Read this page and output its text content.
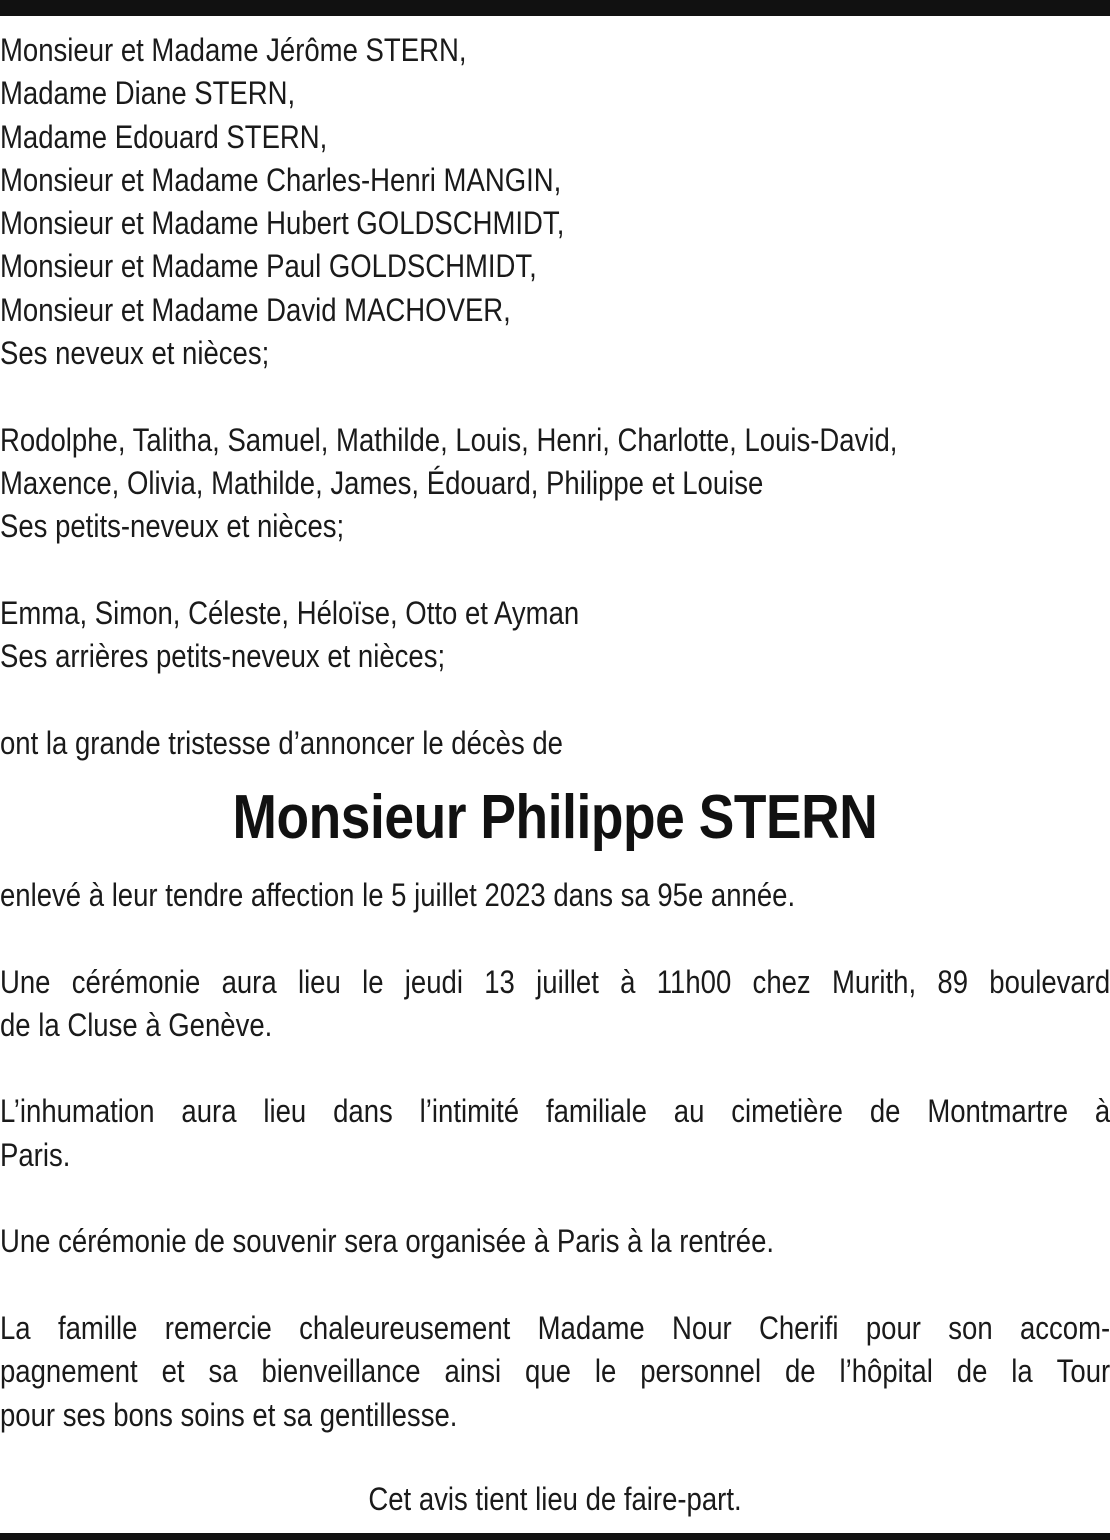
Monsieur et Madame Jérôme STERN,
Madame Diane STERN,
Madame Edouard STERN,
Monsieur et Madame Charles-Henri MANGIN,
Monsieur et Madame Hubert GOLDSCHMIDT,
Monsieur et Madame Paul GOLDSCHMIDT,
Monsieur et Madame David MACHOVER,
Ses neveux et nièces;
Rodolphe, Talitha, Samuel, Mathilde, Louis, Henri, Charlotte, Louis-David,
Maxence, Olivia, Mathilde, James, Édouard, Philippe et Louise
Ses petits-neveux et nièces;
Emma, Simon, Céleste, Héloïse, Otto et Ayman
Ses arrières petits-neveux et nièces;
ont la grande tristesse d’annoncer le décès de
Monsieur Philippe STERN
enlevé à leur tendre affection le 5 juillet 2023 dans sa 95e année.
Une cérémonie aura lieu le jeudi 13 juillet à 11h00 chez Murith, 89 boulevard
de la Cluse à Genève.
L’inhumation aura lieu dans l’intimité familiale au cimetière de Montmartre à
Paris.
Une cérémonie de souvenir sera organisée à Paris à la rentrée.
La famille remercie chaleureusement Madame Nour Cherifi pour son accom-
pagnement et sa bienveillance ainsi que le personnel de l’hôpital de la Tour
pour ses bons soins et sa gentillesse.
Cet avis tient lieu de faire-part.
